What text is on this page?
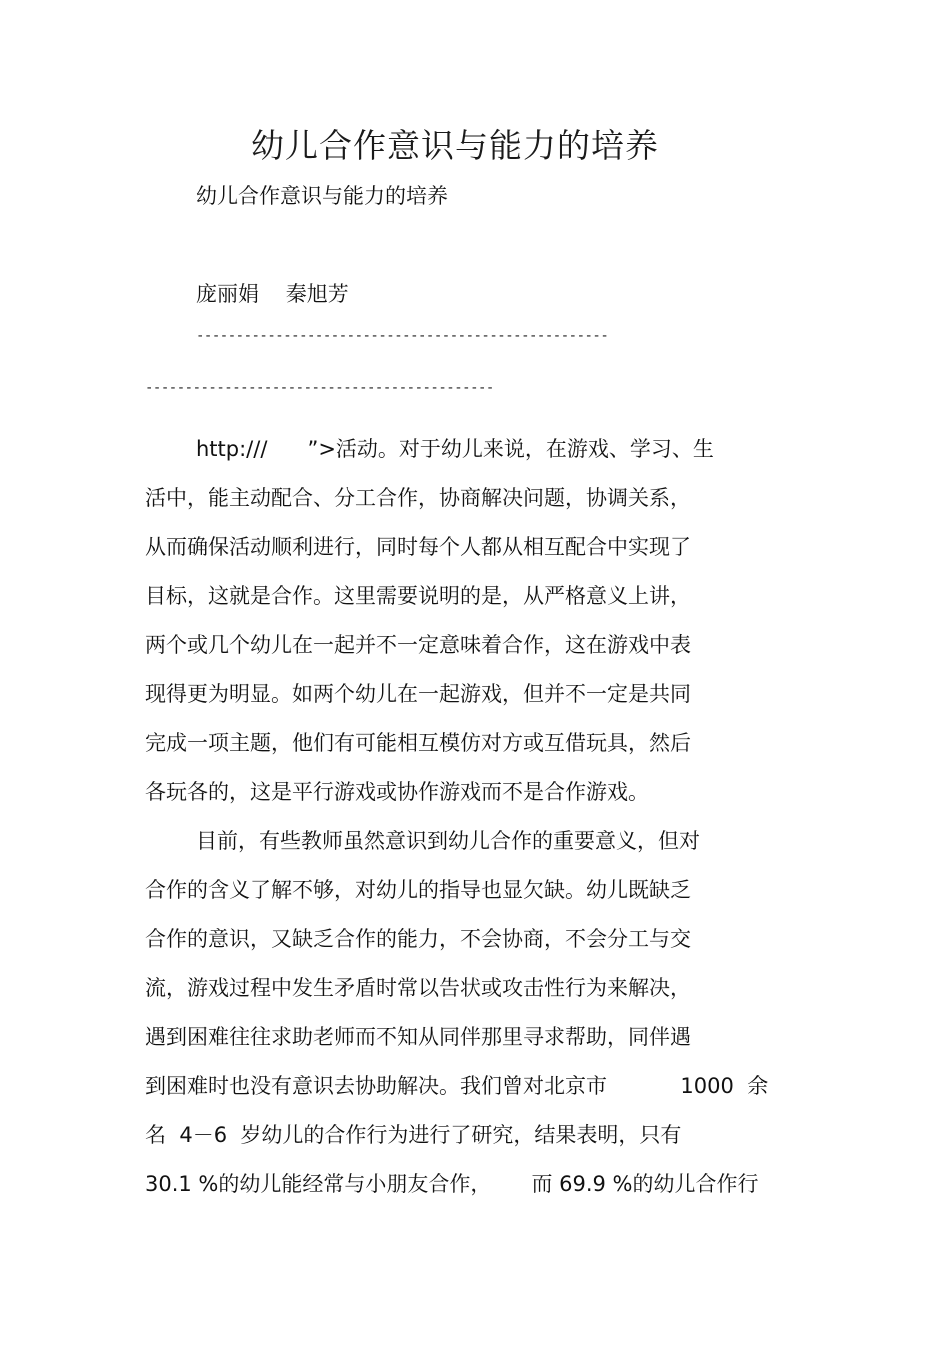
幼儿合作意识与能力的培养
幼儿合作意识与能力的培养
庞丽娟    秦旭芳
----------------------------------------------------
--------------------------------------------
http:///      ”>活动。对于幼儿来说，在游戏、学习、生
活中，能主动配合、分工合作，协商解决问题，协调关系，
从而确保活动顺利进行，同时每个人都从相互配合中实现了
目标，这就是合作。这里需要说明的是，从严格意义上讲，
两个或几个幼儿在一起并不一定意味着合作，这在游戏中表
现得更为明显。如两个幼儿在一起游戏，但并不一定是共同
完成一项主题，他们有可能相互模仿对方或互借玩具，然后
各玩各的，这是平行游戏或协作游戏而不是合作游戏。
目前，有些教师虽然意识到幼儿合作的重要意义，但对
合作的含义了解不够，对幼儿的指导也显欠缺。幼儿既缺乏
合作的意识，又缺乏合作的能力，不会协商，不会分工与交
流，游戏过程中发生矛盾时常以告状或攻击性行为来解决，
遇到困难往往求助老师而不知从同伴那里寻求帮助，同伴遇
到困难时也没有意识去协助解决。我们曾对北京市           1000  余
名  4－6  岁幼儿的合作行为进行了研究，结果表明，只有
30.1 %的幼儿能经常与小朋友合作，      而 69.9 %的幼儿合作行
